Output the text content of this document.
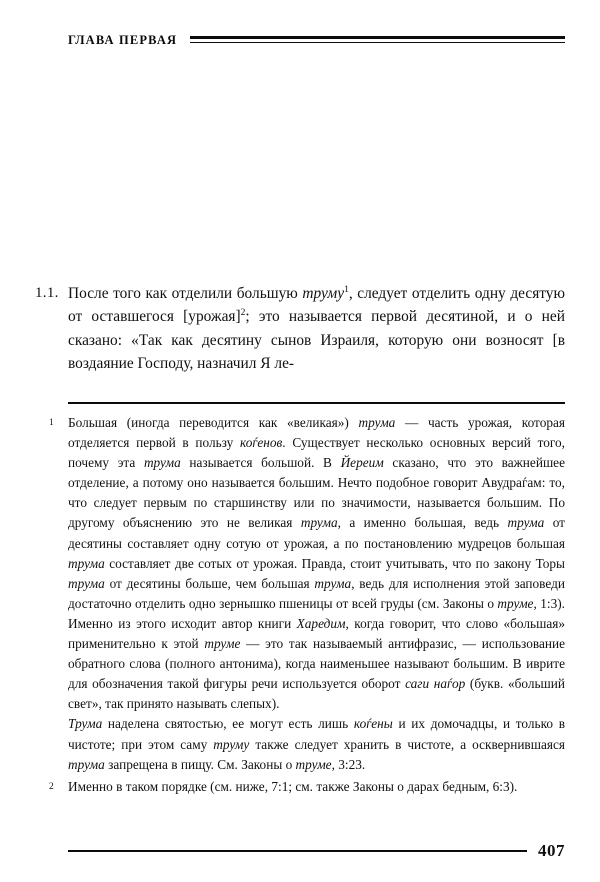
ГЛАВА ПЕРВАЯ
1.1. После того как отделили большую труму$^1$, следует отделить одну десятую от оставшегося [урожая]$^2$; это называется первой десятиной, и о ней сказано: «Так как десятину сынов Израиля, которую они возносят [в воздаяние Господу, назначил Я ле-
1	Большая (иногда переводится как «великая») трума — часть урожая, которая отделяется первой в пользу коѓенов. Существует несколько основных версий того, почему эта трума называется большой. В Йереим сказано, что это важнейшее отделение, а потому оно называется большим. Нечто подобное говорит Авудраѓам: то, что следует первым по старшинству или по значимости, называется большим. По другому объяснению это не великая трума, а именно большая, ведь трума от десятины составляет одну сотую от урожая, а по постановлению мудрецов большая трума составляет две сотых от урожая. Правда, стоит учитывать, что по закону Торы трума от десятины больше, чем большая трума, ведь для исполнения этой заповеди достаточно отделить одно зернышко пшеницы от всей груды (см. Законы о труме, 1:3). Именно из этого исходит автор книги Харедим, когда говорит, что слово «большая» применительно к этой труме — это так называемый антифразис, — использование обратного слова (полного антонима), когда наименьшее называют большим. В иврите для обозначения такой фигуры речи используется оборот саги наѓор (букв. «больший свет», так принято называть слепых).
Трума наделена святостью, ее могут есть лишь коѓены и их домочадцы, и только в чистоте; при этом саму труму также следует хранить в чистоте, а осквернившаяся трума запрещена в пищу. См. Законы о труме, 3:23.
2	Именно в таком порядке (см. ниже, 7:1; см. также Законы о дарах бедным, 6:3).
407
